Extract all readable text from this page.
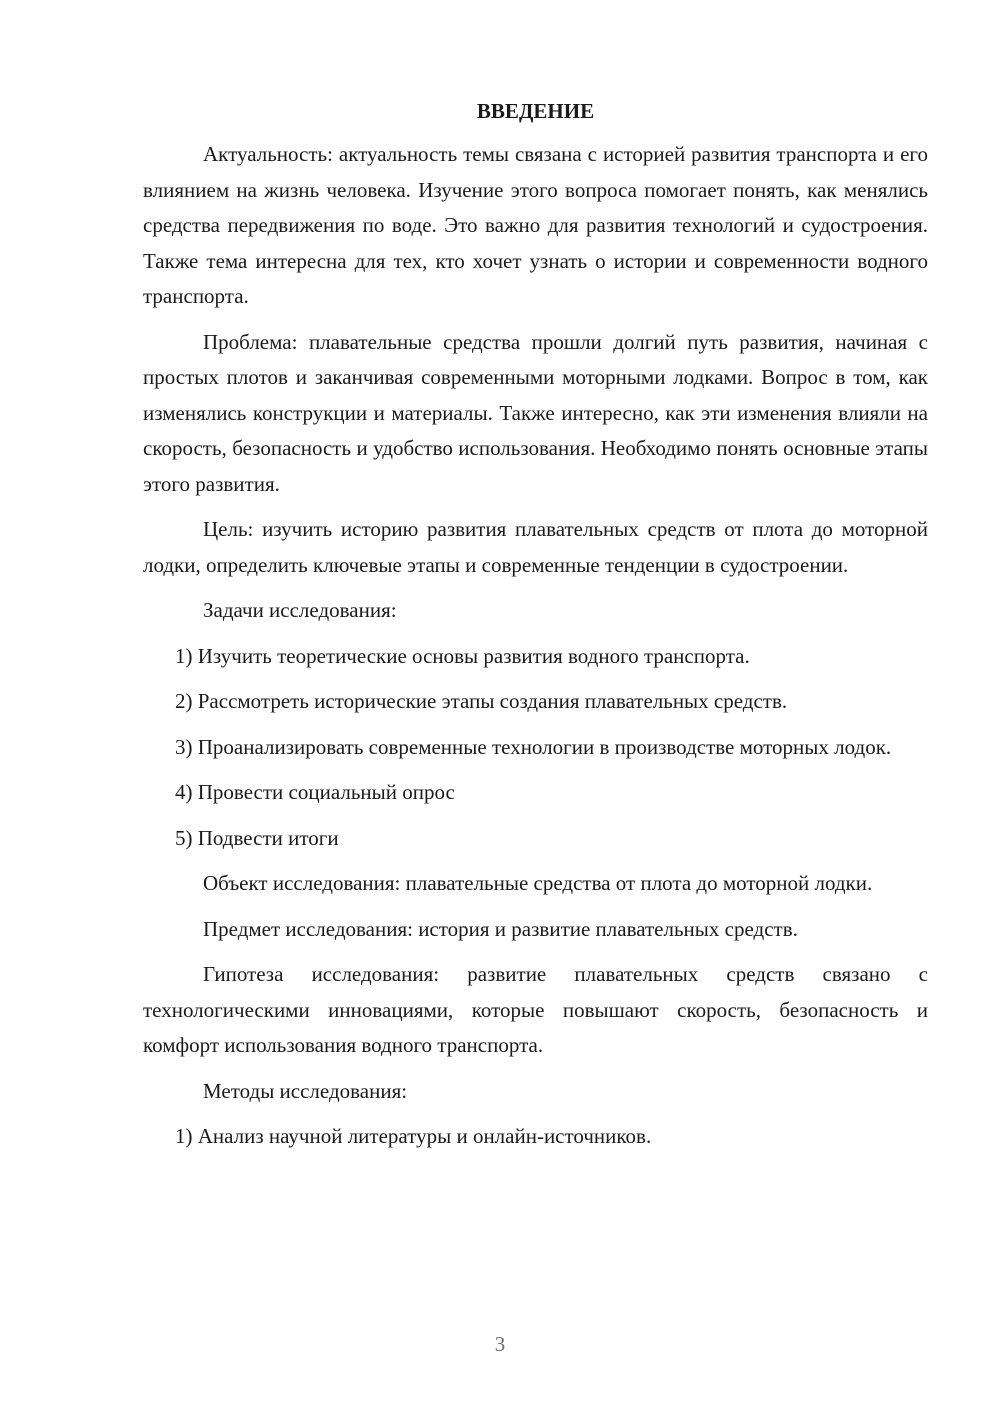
ВВЕДЕНИЕ

Актуальность: актуальность темы связана с историей развития транспорта и его влиянием на жизнь человека. Изучение этого вопроса помогает понять, как менялись средства передвижения по воде. Это важно для развития технологий и судостроения. Также тема интересна для тех, кто хочет узнать о истории и современности водного транспорта.

Проблема: плавательные средства прошли долгий путь развития, начиная с простых плотов и заканчивая современными моторными лодками. Вопрос в том, как изменялись конструкции и материалы. Также интересно, как эти изменения влияли на скорость, безопасность и удобство использования. Необходимо понять основные этапы этого развития.

Цель: изучить историю развития плавательных средств от плота до моторной лодки, определить ключевые этапы и современные тенденции в судостроении.

Задачи исследования:

1) Изучить теоретические основы развития водного транспорта.

2) Рассмотреть исторические этапы создания плавательных средств.

3) Проанализировать современные технологии в производстве моторных лодок.

4) Провести социальный опрос

5) Подвести итоги

Объект исследования: плавательные средства от плота до моторной лодки.

Предмет исследования: история и развитие плавательных средств.

Гипотеза исследования: развитие плавательных средств связано с технологическими инновациями, которые повышают скорость, безопасность и комфорт использования водного транспорта.

Методы исследования:

1) Анализ научной литературы и онлайн-источников.

3
